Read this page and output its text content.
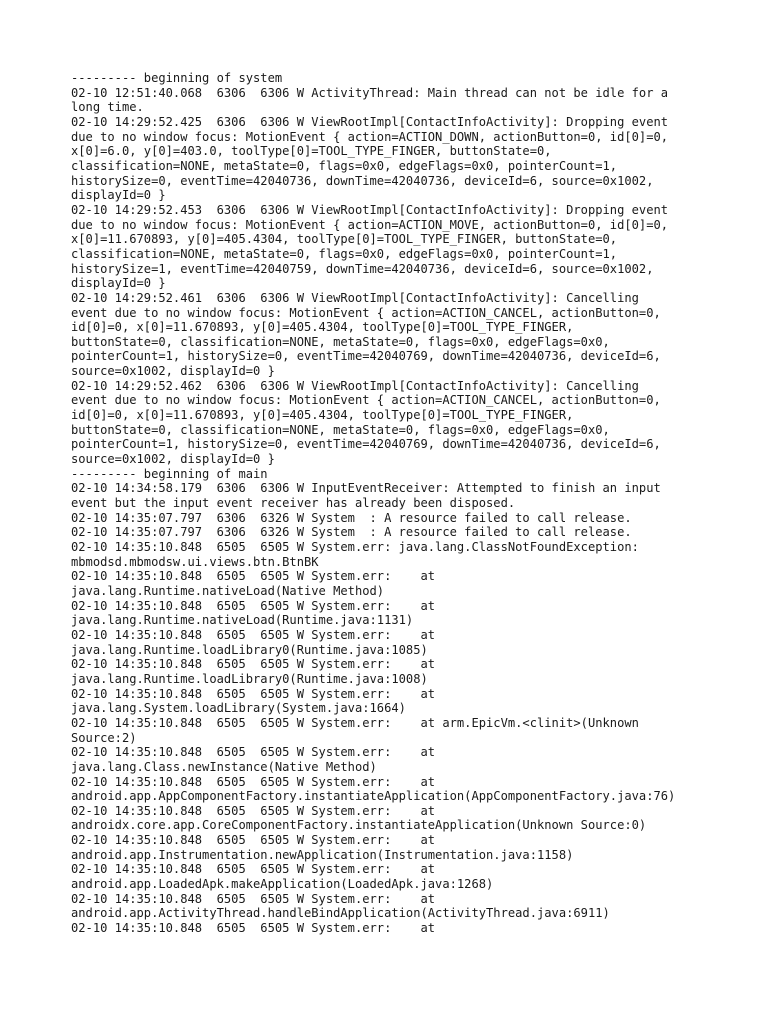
--------- beginning of system
02-10 12:51:40.068  6306  6306 W ActivityThread: Main thread can not be idle for a
long time.
02-10 14:29:52.425  6306  6306 W ViewRootImpl[ContactInfoActivity]: Dropping event
due to no window focus: MotionEvent { action=ACTION_DOWN, actionButton=0, id[0]=0,
x[0]=6.0, y[0]=403.0, toolType[0]=TOOL_TYPE_FINGER, buttonState=0,
classification=NONE, metaState=0, flags=0x0, edgeFlags=0x0, pointerCount=1,
historySize=0, eventTime=42040736, downTime=42040736, deviceId=6, source=0x1002,
displayId=0 }
02-10 14:29:52.453  6306  6306 W ViewRootImpl[ContactInfoActivity]: Dropping event
due to no window focus: MotionEvent { action=ACTION_MOVE, actionButton=0, id[0]=0,
x[0]=11.670893, y[0]=405.4304, toolType[0]=TOOL_TYPE_FINGER, buttonState=0,
classification=NONE, metaState=0, flags=0x0, edgeFlags=0x0, pointerCount=1,
historySize=1, eventTime=42040759, downTime=42040736, deviceId=6, source=0x1002,
displayId=0 }
02-10 14:29:52.461  6306  6306 W ViewRootImpl[ContactInfoActivity]: Cancelling
event due to no window focus: MotionEvent { action=ACTION_CANCEL, actionButton=0,
id[0]=0, x[0]=11.670893, y[0]=405.4304, toolType[0]=TOOL_TYPE_FINGER,
buttonState=0, classification=NONE, metaState=0, flags=0x0, edgeFlags=0x0,
pointerCount=1, historySize=0, eventTime=42040769, downTime=42040736, deviceId=6,
source=0x1002, displayId=0 }
02-10 14:29:52.462  6306  6306 W ViewRootImpl[ContactInfoActivity]: Cancelling
event due to no window focus: MotionEvent { action=ACTION_CANCEL, actionButton=0,
id[0]=0, x[0]=11.670893, y[0]=405.4304, toolType[0]=TOOL_TYPE_FINGER,
buttonState=0, classification=NONE, metaState=0, flags=0x0, edgeFlags=0x0,
pointerCount=1, historySize=0, eventTime=42040769, downTime=42040736, deviceId=6,
source=0x1002, displayId=0 }
--------- beginning of main
02-10 14:34:58.179  6306  6306 W InputEventReceiver: Attempted to finish an input
event but the input event receiver has already been disposed.
02-10 14:35:07.797  6306  6326 W System  : A resource failed to call release.
02-10 14:35:07.797  6306  6326 W System  : A resource failed to call release.
02-10 14:35:10.848  6505  6505 W System.err: java.lang.ClassNotFoundException:
mbmodsd.mbmodsw.ui.views.btn.BtnBK
02-10 14:35:10.848  6505  6505 W System.err:    at
java.lang.Runtime.nativeLoad(Native Method)
02-10 14:35:10.848  6505  6505 W System.err:    at
java.lang.Runtime.nativeLoad(Runtime.java:1131)
02-10 14:35:10.848  6505  6505 W System.err:    at
java.lang.Runtime.loadLibrary0(Runtime.java:1085)
02-10 14:35:10.848  6505  6505 W System.err:    at
java.lang.Runtime.loadLibrary0(Runtime.java:1008)
02-10 14:35:10.848  6505  6505 W System.err:    at
java.lang.System.loadLibrary(System.java:1664)
02-10 14:35:10.848  6505  6505 W System.err:    at arm.EpicVm.<clinit>(Unknown
Source:2)
02-10 14:35:10.848  6505  6505 W System.err:    at
java.lang.Class.newInstance(Native Method)
02-10 14:35:10.848  6505  6505 W System.err:    at
android.app.AppComponentFactory.instantiateApplication(AppComponentFactory.java:76)
02-10 14:35:10.848  6505  6505 W System.err:    at
androidx.core.app.CoreComponentFactory.instantiateApplication(Unknown Source:0)
02-10 14:35:10.848  6505  6505 W System.err:    at
android.app.Instrumentation.newApplication(Instrumentation.java:1158)
02-10 14:35:10.848  6505  6505 W System.err:    at
android.app.LoadedApk.makeApplication(LoadedApk.java:1268)
02-10 14:35:10.848  6505  6505 W System.err:    at
android.app.ActivityThread.handleBindApplication(ActivityThread.java:6911)
02-10 14:35:10.848  6505  6505 W System.err:    at
